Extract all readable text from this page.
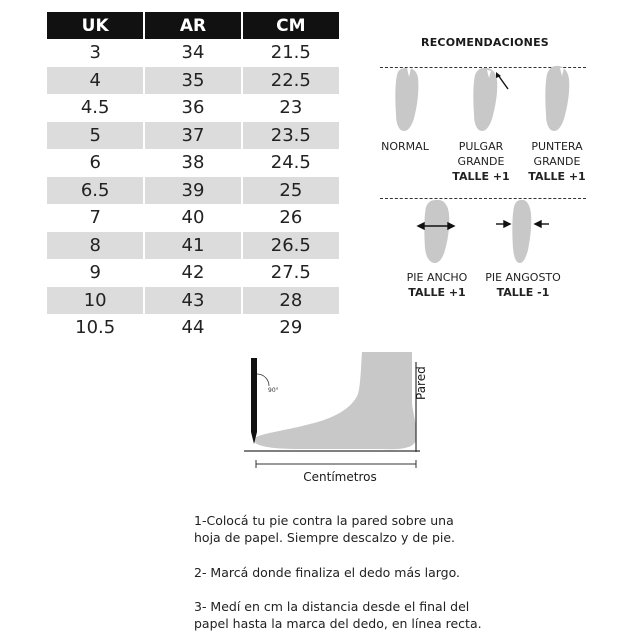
UK	AR	CM
3	34	21.5
4	35	22.5
4.5	36	23
5	37	23.5
6	38	24.5
6.5	39	25
7	40	26
8	41	26.5
9	42	27.5
10	43	28
10.5	44	29
RECOMENDACIONES
NORMAL	PULGAR
GRANDE
TALLE +1
PUNTERA
GRANDE
TALLE +1
PIE ANCHO
TALLE +1
PIE ANGOSTO
TALLE -1
90°	Pared
Centímetros
1-Colocá tu pie contra la pared sobre una
hoja de papel. Siempre descalzo y de pie.
2- Marcá donde finaliza el dedo más largo.
3- Medí en cm la distancia desde el final del
papel hasta la marca del dedo, en línea recta.
